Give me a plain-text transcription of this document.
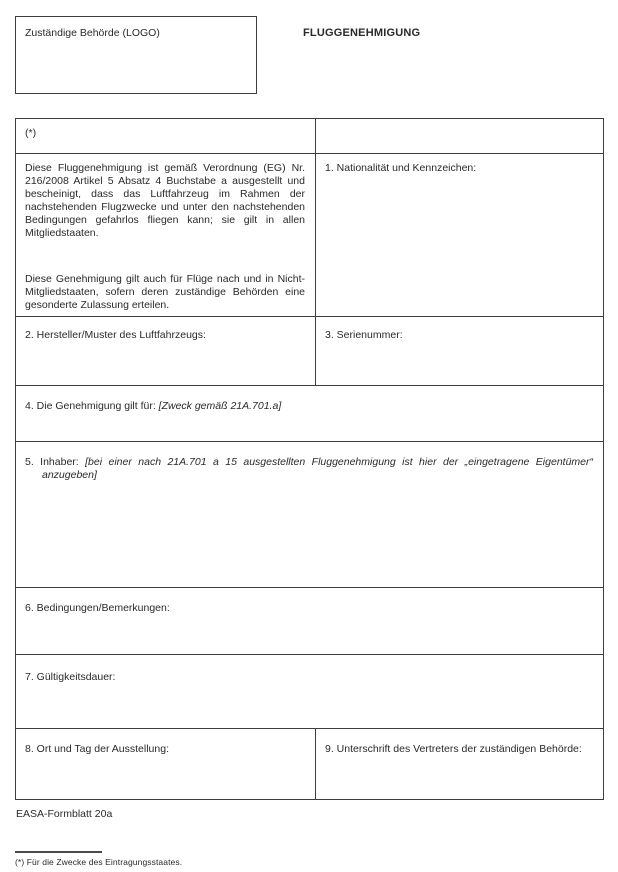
Zuständige Behörde (LOGO)	FLUGGENEHMIGUNG
(*)	

Diese Fluggenehmigung ist gemäß Verordnung (EG) Nr. 216/2008 Artikel 5 Absatz 4 Buchstabe a ausgestellt und bescheinigt, dass das Luftfahrzeug im Rahmen der nachstehenden Flugzwecke und unter den nachstehenden Bedingungen gefahrlos fliegen kann; sie gilt in allen Mitgliedstaaten.

Diese Genehmigung gilt auch für Flüge nach und in Nicht-Mitgliedstaaten, sofern deren zuständige Behörden eine gesonderte Zulassung erteilen.	1. Nationalität und Kennzeichen:

2. Hersteller/Muster des Luftfahrzeugs:	3. Serienummer:

4. Die Genehmigung gilt für: [Zweck gemäß 21A.701.a]	

5. Inhaber: [bei einer nach 21A.701 a 15 ausgestellten Fluggenehmigung ist hier der „eingetragene Eigentümer“ anzugeben]	

6. Bedingungen/Bemerkungen:	

7. Gültigkeitsdauer:	

8. Ort und Tag der Ausstellung:	9. Unterschrift des Vertreters der zuständigen Behörde:

EASA-Formblatt 20a
(*) Für die Zwecke des Eintragungsstaates.
